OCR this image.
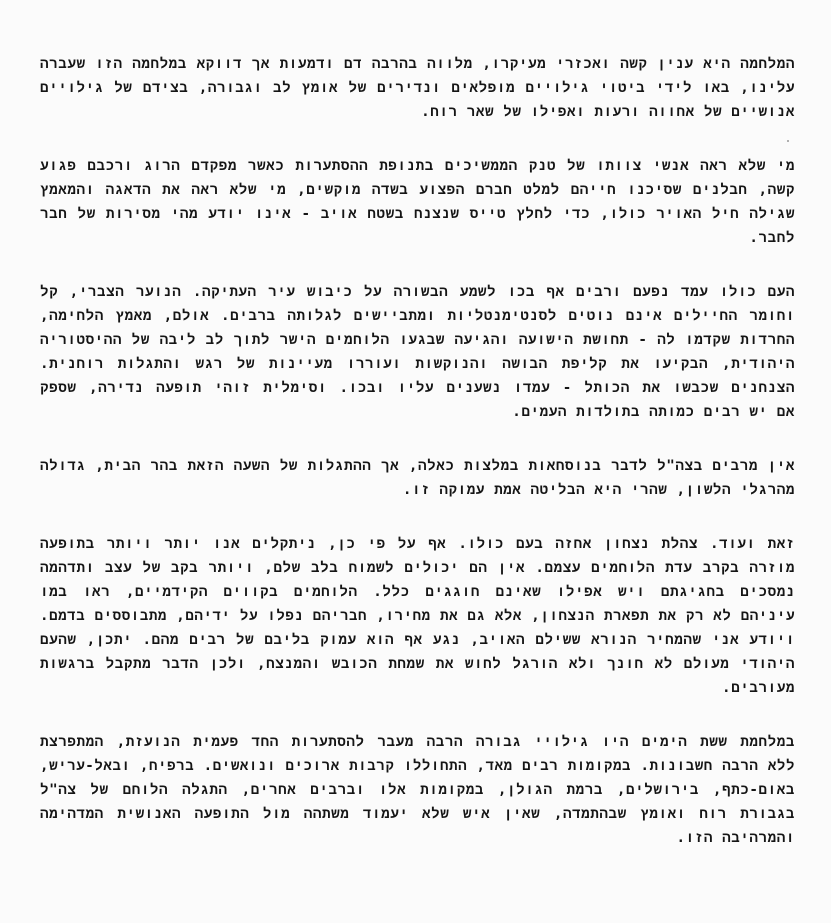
המלחמה היא ענין קשה ואכזרי מעיקרו, מלווה בהרבה דם ודמעות אך דווקא במלחמה הזו שעברה
עלינו, באו לידי ביטוי גילויים מופלאים ונדירים של אומץ לב וגבורה, בצידם של גילויים
אנושיים של אחווה ורעות ואפילו של שאר רוח.
מי שלא ראה אנשי צוותו של טנק הממשיכים בתנופת ההסתערות כאשר מפקדם הרוג ורכבם פגוע
קשה, חבלנים שסיכנו חייהם למלט חברם הפצוע בשדה מוקשים, מי שלא ראה את הדאגה והמאמץ
שגילה חיל האויר כולו, כדי לחלץ טייס שנצנח בשטח אויב - אינו יודע מהי מסירות של חבר
לחבר.
העם כולו עמד נפעם ורבים אף בכו לשמע הבשורה על כיבוש עיר העתיקה. הנוער הצברי, קל
וחומר החיילים אינם נוטים לסנטימנטליות ומתביישים לגלותה ברבים. אולם, מאמץ הלחימה,
החרדות שקדמו לה - תחושת הישועה והגיעה שבגעו הלוחמים הישר לתוך לב ליבה של ההיסטוריה
היהודית, הבקיעו את קליפת הבושה והנוקשות ועוררו מעיינות של רגש והתגלות רוחנית.
הצנחנים שכבשו את הכותל - עמדו נשענים עליו ובכו. וסימלית זוהי תופעה נדירה, שספק
אם יש רבים כמותה בתולדות העמים.
אין מרבים בצה"ל לדבר בנוסחאות במלצות כאלה, אך ההתגלות של השעה הזאת בהר הבית, גדולה
מהרגלי הלשון, שהרי היא הבליטה אמת עמוקה זו.
זאת ועוד. צהלת נצחון אחזה בעם כולו. אף על פי כן, ניתקלים אנו יותר ויותר בתופעה
מוזרה בקרב עדת הלוחמים עצמם. אין הם יכולים לשמוח בלב שלם, ויותר בקב של עצב ותדהמה
נמסכים בחגיגתם ויש אפילו שאינם חוגגים כלל. הלוחמים בקווים הקידמיים, ראו במו
עיניהם לא רק את תפארת הנצחון, אלא גם את מחירו, חבריהם נפלו על ידיהם, מתבוססים בדמם.
ויודע אני שהמחיר הנורא ששילם האויב, נגע אף הוא עמוק בליבם של רבים מהם. יתכן, שהעם
היהודי מעולם לא חונך ולא הורגל לחוש את שמחת הכובש והמנצח, ולכן הדבר מתקבל ברגשות
מעורבים.
במלחמת ששת הימים היו גילויי גבורה הרבה מעבר להסתערות החד פעמית הנועזת, המתפרצת
ללא הרבה חשבונות. במקומות רבים מאד, התחוללו קרבות ארוכים ונואשים. ברפיח, ובאל-עריש,
באום-כתף, בירושלים, ברמת הגולן, במקומות אלו וברבים אחרים, התגלה הלוחם של צה"ל
בגבורת רוח ואומץ שבהתמדה, שאין איש שלא יעמוד משתהה מול התופעה האנושית המדהימה
והמרהיבה הזו.
